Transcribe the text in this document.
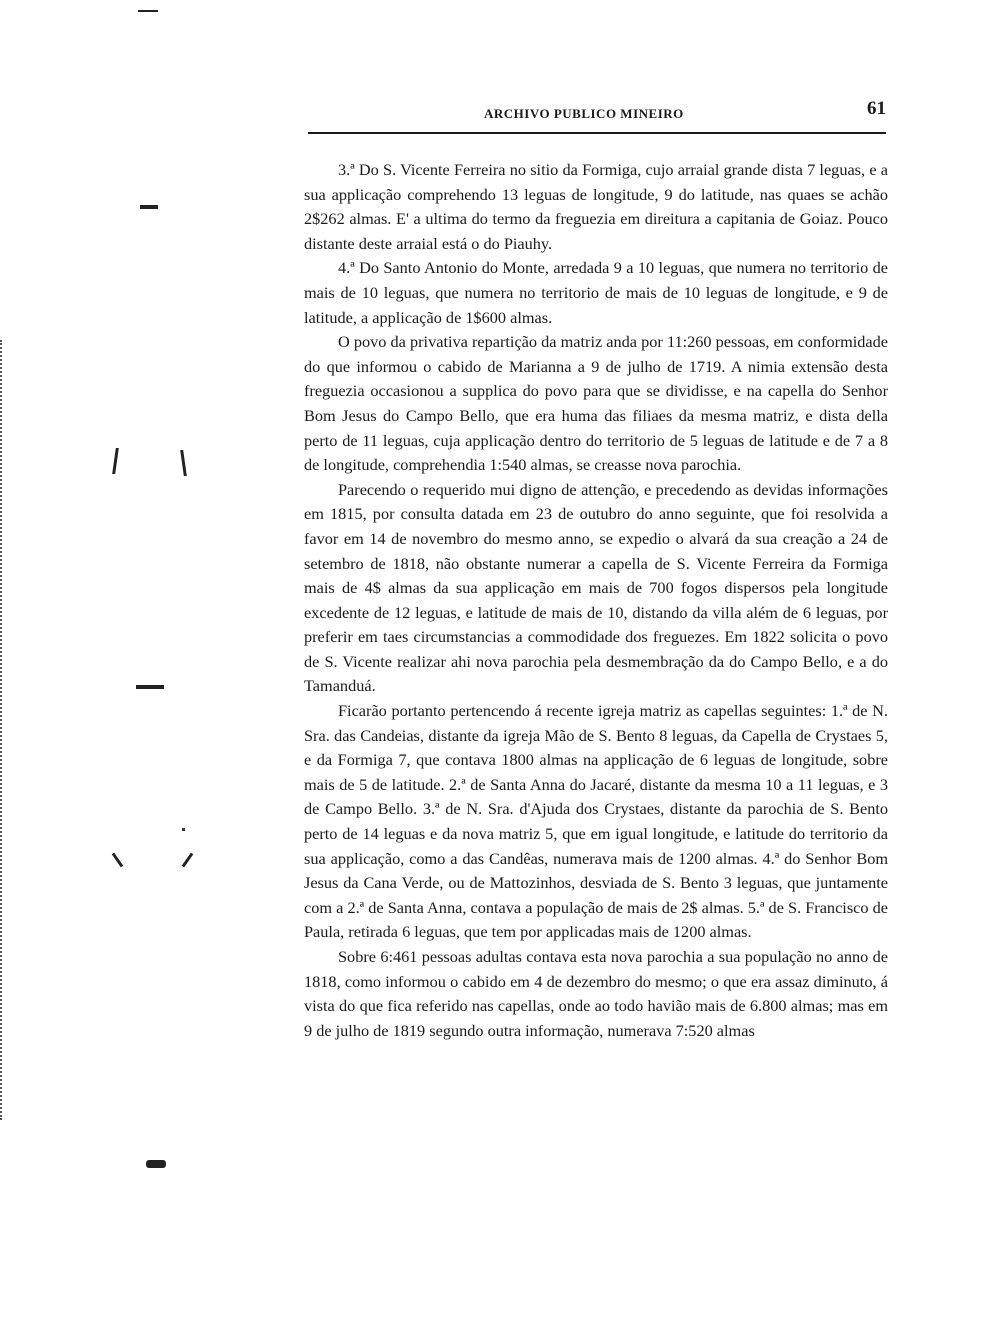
ARCHIVO PUBLICO MINEIRO	61

3.ª Do S. Vicente Ferreira no sitio da Formiga, cujo arraial grande dista 7 leguas, e a sua applicação comprehendo 13 leguas de longitude, 9 do latitude, nas quaes se achão 2$262 almas. E' a ultima do termo da freguezia em direitura a capitania de Goiaz. Pouco distante deste arraial está o do Piauhy.

4.ª Do Santo Antonio do Monte, arredada 9 a 10 leguas, que numera no territorio de mais de 10 leguas, que numera no territorio de mais de 10 leguas de longitude, e 9 de latitude, a applicação de 1$600 almas.

O povo da privativa repartição da matriz anda por 11:260 pessoas, em conformidade do que informou o cabido de Marianna a 9 de julho de 1719. A nimia extensão desta freguezia occasionou a supplica do povo para que se dividisse, e na capella do Senhor Bom Jesus do Campo Bello, que era huma das filiaes da mesma matriz, e dista della perto de 11 leguas, cuja applicação dentro do territorio de 5 leguas de latitude e de 7 a 8 de longitude, comprehendia 1:540 almas, se creasse nova parochia.

Parecendo o requerido mui digno de attenção, e precedendo as devidas informações em 1815, por consulta datada em 23 de outubro do anno seguinte, que foi resolvida a favor em 14 de novembro do mesmo anno, se expedio o alvará da sua creação a 24 de setembro de 1818, não obstante numerar a capella de S. Vicente Ferreira da Formiga mais de 4$ almas da sua applicação em mais de 700 fogos dispersos pela longitude excedente de 12 leguas, e latitude de mais de 10, distando da villa além de 6 leguas, por preferir em taes circumstancias a commodidade dos freguezes. Em 1822 solicita o povo de S. Vicente realizar ahi nova parochia pela desmembração da do Campo Bello, e a do Tamanduá.

Ficarão portanto pertencendo á recente igreja matriz as capellas seguintes: 1.ª de N. Sra. das Candeias, distante da igreja Mão de S. Bento 8 leguas, da Capella de Crystaes 5, e da Formiga 7, que contava 1800 almas na applicação de 6 leguas de longitude, sobre mais de 5 de latitude. 2.ª de Santa Anna do Jacaré, distante da mesma 10 a 11 leguas, e 3 de Campo Bello. 3.ª de N. Sra. d'Ajuda dos Crystaes, distante da parochia de S. Bento perto de 14 leguas e da nova matriz 5, que em igual longitude, e latitude do territorio da sua applicação, como a das Candêas, numerava mais de 1200 almas. 4.ª do Senhor Bom Jesus da Cana Verde, ou de Mattozinhos, desviada de S. Bento 3 leguas, que juntamente com a 2.ª de Santa Anna, contava a população de mais de 2$ almas. 5.ª de S. Francisco de Paula, retirada 6 leguas, que tem por applicadas mais de 1200 almas.

Sobre 6:461 pessoas adultas contava esta nova parochia a sua população no anno de 1818, como informou o cabido em 4 de dezembro do mesmo; o que era assaz diminuto, á vista do que fica referido nas capellas, onde ao todo havião mais de 6.800 almas; mas em 9 de julho de 1819 segundo outra informação, numerava 7:520 almas
